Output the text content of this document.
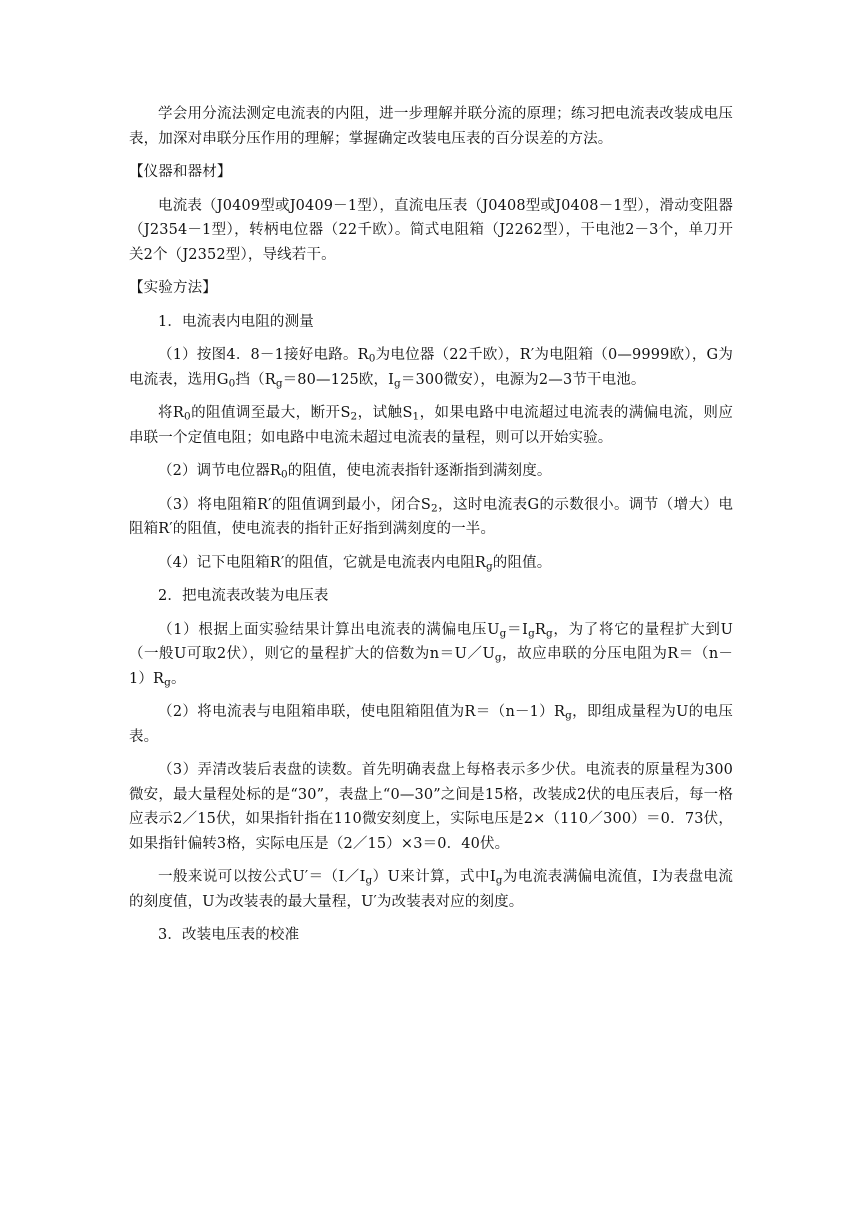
学会用分流法测定电流表的内阻，进一步理解并联分流的原理；练习把电流表改装成电压表，加深对串联分压作用的理解；掌握确定改装电压表的百分误差的方法。

【仪器和器材】

电流表（J0409型或J0409－1型），直流电压表（J0408型或J0408－1型），滑动变阻器（J2354－1型），转柄电位器（22千欧）。简式电阻箱（J2262型），干电池2－3个，单刀开关2个（J2352型），导线若干。

【实验方法】

1．电流表内电阻的测量

（1）按图4．8－1接好电路。$R_0$为电位器（22千欧），R′为电阻箱（0—9999欧），G为电流表，选用$G_0$挡（$R_g=80—125$欧，$I_g=300$微安），电源为2—3节干电池。

将$R_0$的阻值调至最大，断开$S_2$，试触$S_1$，如果电路中电流超过电流表的满偏电流，则应串联一个定值电阻；如电路中电流未超过电流表的量程，则可以开始实验。

（2）调节电位器$R_0$的阻值，使电流表指针逐渐指到满刻度。

（3）将电阻箱R′的阻值调到最小，闭合$S_2$，这时电流表G的示数很小。调节（增大）电阻箱R′的阻值，使电流表的指针正好指到满刻度的一半。

（4）记下电阻箱R′的阻值，它就是电流表内电阻$R_g$的阻值。

2．把电流表改装为电压表

（1）根据上面实验结果计算出电流表的满偏电压$U_g=I_gR_g$，为了将它的量程扩大到U（一般U可取2伏），则它的量程扩大的倍数为$n=U/U_g$，故应串联的分压电阻为$R=(n-1)R_g$。

（2）将电流表与电阻箱串联，使电阻箱阻值为$R=(n-1)R_g$，即组成量程为U的电压表。

（3）弄清改装后表盘的读数。首先明确表盘上每格表示多少伏。电流表的原量程为300微安，最大量程处标的是“30”，表盘上“0—30”之间是15格，改装成2伏的电压表后，每一格应表示2／15伏，如果指针指在110微安刻度上，实际电压是2×（110／300）＝0．73伏，如果指针偏转3格，实际电压是（2／15）×3＝0．40伏。

一般来说可以按公式$U'=(I/I_g)U$来计算，式中$I_g$为电流表满偏电流值，I为表盘电流的刻度值，U为改装表的最大量程，U′为改装表对应的刻度。

3．改装电压表的校准
